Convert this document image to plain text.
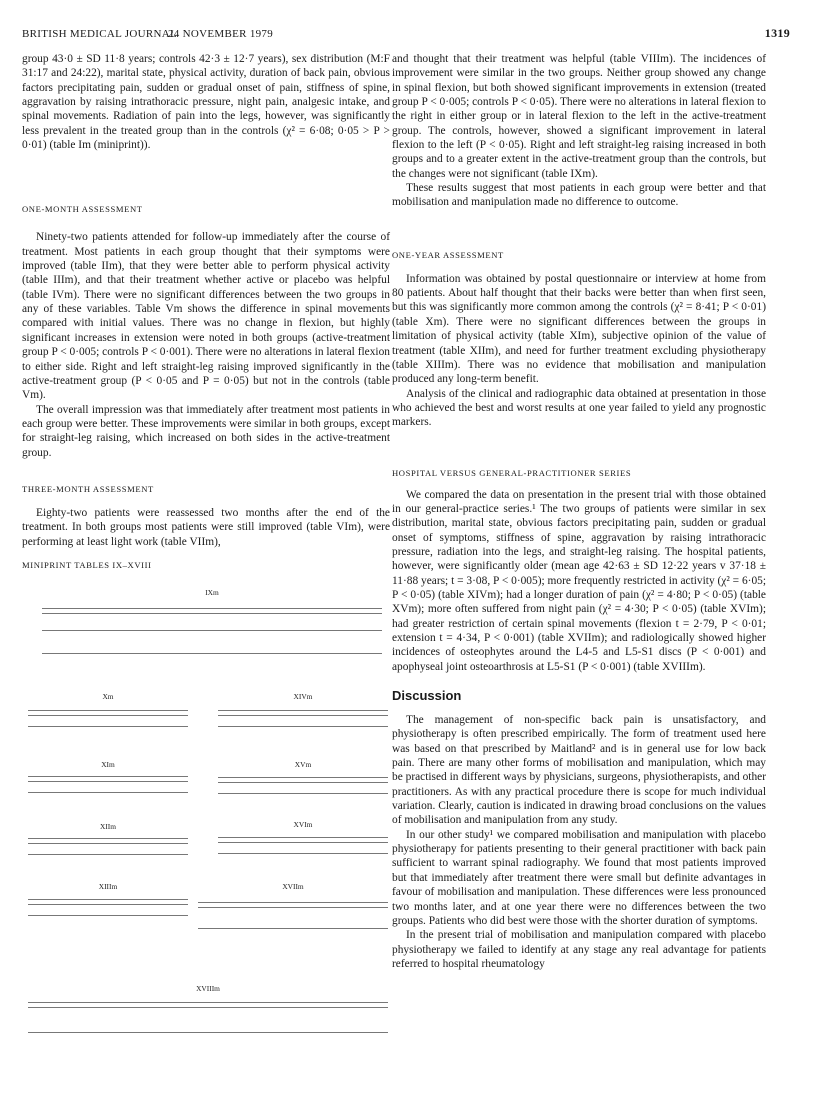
BRITISH MEDICAL JOURNAL
24 NOVEMBER 1979	1319

group 43·0 ± SD 11·8 years; controls 42·3 ± 12·7 years), sex distribution (M:F 31:17 and 24:22), marital state, physical activity, duration of back pain, obvious factors precipitating pain, sudden or gradual onset of pain, stiffness of spine, aggravation by raising intrathoracic pressure, night pain, analgesic intake, and spinal movements. Radiation of pain into the legs, however, was significantly less prevalent in the treated group than in the controls (χ² = 6·08; 0·05 > P > 0·01) (table Im (miniprint)).

ONE-MONTH ASSESSMENT

Ninety-two patients attended for follow-up immediately after the course of treatment. Most patients in each group thought that their symptoms were improved (table IIm), that they were better able to perform physical activity (table IIIm), and that their treatment whether active or placebo was helpful (table IVm). There were no significant differences between the two groups in any of these variables. Table Vm shows the difference in spinal movements compared with initial values. There was no change in flexion, but highly significant increases in extension were noted in both groups (active-treatment group P < 0·005; controls P < 0·001). There were no alterations in lateral flexion to either side. Right and left straight-leg raising improved significantly in the active-treatment group (P < 0·05 and P = 0·05) but not in the controls (table Vm).

The overall impression was that immediately after treatment most patients in each group were better. These improvements were similar in both groups, except for straight-leg raising, which increased on both sides in the active-treatment group.

THREE-MONTH ASSESSMENT

Eighty-two patients were reassessed two months after the end of the treatment. In both groups most patients were still improved (table VIm), were performing at least light work (table VIIm),

MINIPRINT TABLES IX–XVIII
IXm

Xm

	XIVm

XIm

	XVm

XIIm

	XVIm

XIIIm

	XVIIm

XVIIIm

and thought that their treatment was helpful (table VIIIm). The incidences of improvement were similar in the two groups. Neither group showed any change in spinal flexion, but both showed significant improvements in extension (treated group P < 0·005; controls P < 0·05). There were no alterations in lateral flexion to the right in either group or in lateral flexion to the left in the active-treatment group. The controls, however, showed a significant improvement in lateral flexion to the left (P < 0·05). Right and left straight-leg raising increased in both groups and to a greater extent in the active-treatment group than the controls, but the changes were not significant (table IXm).

These results suggest that most patients in each group were better and that mobilisation and manipulation made no difference to outcome.

ONE-YEAR ASSESSMENT

Information was obtained by postal questionnaire or interview at home from 80 patients. About half thought that their backs were better than when first seen, but this was significantly more common among the controls (χ² = 8·41; P < 0·01) (table Xm). There were no significant differences between the groups in limitation of physical activity (table XIm), subjective opinion of the value of treatment (table XIIm), and need for further treatment excluding physiotherapy (table XIIIm). There was no evidence that mobilisation and manipulation produced any long-term benefit.

Analysis of the clinical and radiographic data obtained at presentation in those who achieved the best and worst results at one year failed to yield any prognostic markers.

HOSPITAL VERSUS GENERAL-PRACTITIONER SERIES

We compared the data on presentation in the present trial with those obtained in our general-practice series.¹ The two groups of patients were similar in sex distribution, marital state, obvious factors precipitating pain, sudden or gradual onset of symptoms, stiffness of spine, aggravation by raising intrathoracic pressure, radiation into the legs, and straight-leg raising. The hospital patients, however, were significantly older (mean age 42·63 ± SD 12·22 years v 37·18 ± 11·88 years; t = 3·08, P < 0·005); more frequently restricted in activity (χ² = 6·05; P < 0·05) (table XIVm); had a longer duration of pain (χ² = 4·80; P < 0·05) (table XVm); more often suffered from night pain (χ² = 4·30; P < 0·05) (table XVIm); had greater restriction of certain spinal movements (flexion t = 2·79, P < 0·01; extension t = 4·34, P < 0·001) (table XVIIm); and radiologically showed higher incidences of osteophytes around the L4-5 and L5-S1 discs (P < 0·001) and apophyseal joint osteoarthrosis at L5-S1 (P < 0·001) (table XVIIIm).

Discussion

The management of non-specific back pain is unsatisfactory, and physiotherapy is often prescribed empirically. The form of treatment used here was based on that prescribed by Maitland² and is in general use for low back pain. There are many other forms of mobilisation and manipulation, which may be practised in different ways by physicians, surgeons, physiotherapists, and other practitioners. As with any practical procedure there is scope for much individual variation. Clearly, caution is indicated in drawing broad conclusions on the values of mobilisation and manipulation from any study.

In our other study¹ we compared mobilisation and manipulation with placebo physiotherapy for patients presenting to their general practitioner with back pain sufficient to warrant spinal radiography. We found that most patients improved but that immediately after treatment there were small but definite advantages in favour of mobilisation and manipulation. These differences were less pronounced two months later, and at one year there were no differences between the two groups. Patients who did best were those with the shorter duration of symptoms.

In the present trial of mobilisation and manipulation compared with placebo physiotherapy we failed to identify at any stage any real advantage for patients referred to hospital rheumatology
